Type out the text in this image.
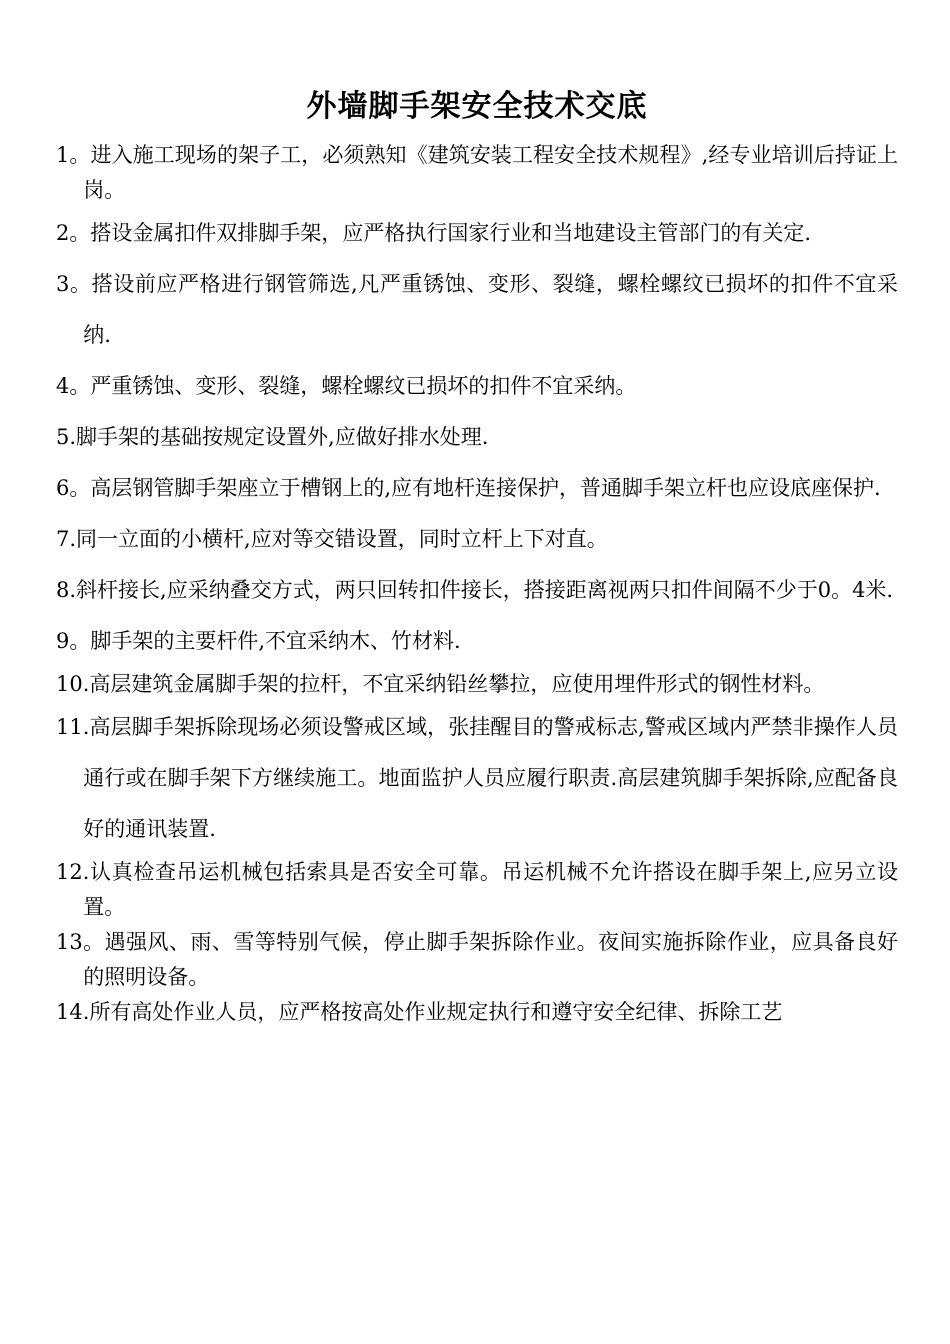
外墙脚手架安全技术交底

1。进入施工现场的架子工，必须熟知《建筑安装工程安全技术规程》,经专业培训后持证上岗。

2。搭设金属扣件双排脚手架，应严格执行国家行业和当地建设主管部门的有关定.

3。搭设前应严格进行钢管筛选,凡严重锈蚀、变形、裂缝，螺栓螺纹已损坏的扣件不宜采纳.

4。严重锈蚀、变形、裂缝，螺栓螺纹已损坏的扣件不宜采纳。

5.脚手架的基础按规定设置外,应做好排水处理.

6。高层钢管脚手架座立于槽钢上的,应有地杆连接保护，普通脚手架立杆也应设底座保护.

7.同一立面的小横杆,应对等交错设置，同时立杆上下对直。

8.斜杆接长,应采纳叠交方式，两只回转扣件接长，搭接距离视两只扣件间隔不少于0。4米.

9。脚手架的主要杆件,不宜采纳木、竹材料.

10.高层建筑金属脚手架的拉杆，不宜采纳铅丝攀拉，应使用埋件形式的钢性材料。

11.高层脚手架拆除现场必须设警戒区域，张挂醒目的警戒标志,警戒区域内严禁非操作人员通行或在脚手架下方继续施工。地面监护人员应履行职责.高层建筑脚手架拆除,应配备良好的通讯装置.

12.认真检查吊运机械包括索具是否安全可靠。吊运机械不允许搭设在脚手架上,应另立设置。

13。遇强风、雨、雪等特别气候，停止脚手架拆除作业。夜间实施拆除作业，应具备良好的照明设备。

14.所有高处作业人员，应严格按高处作业规定执行和遵守安全纪律、拆除工艺
